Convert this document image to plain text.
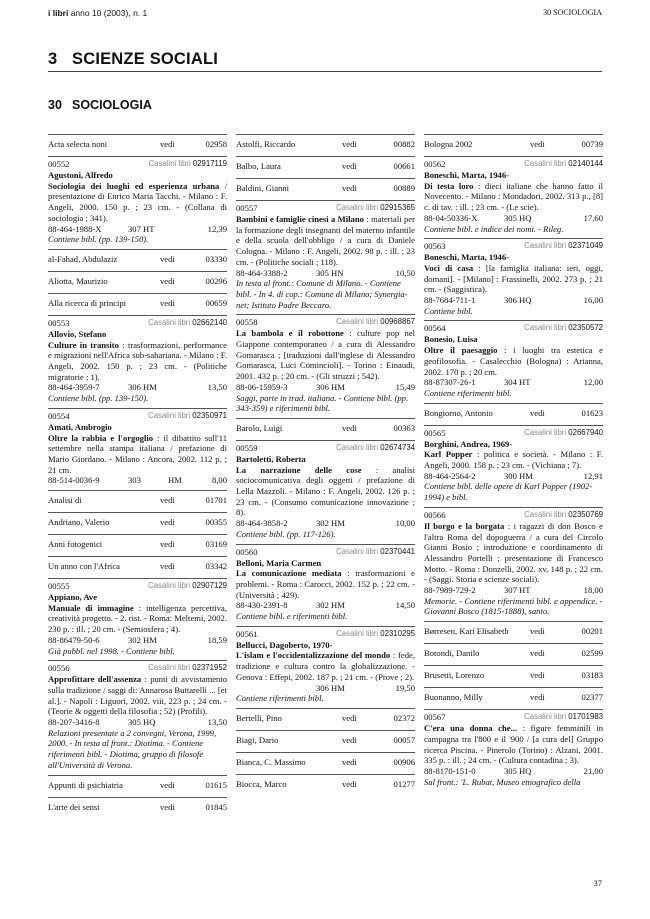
i libri anno 10 (2003), n. 1	30 SOCIOLOGIA
3 SCIENZE SOCIALI
30 SOCIOLOGIA
Acta selecta noni	vedi	02958
00552	Casalini libri 02917119
Agustoni, Alfredo
Sociologia dei luoghi ed esperienza urbana / presentazione di Enrico Maria Tacchi. - Milano : F. Angeli, 2000. 150 p. ; 23 cm. - (Collana di sociologia ; 341).
88-464-1988-X	307 HT	12,39
Contiene bibl. (pp. 139-150).
al-Fahad, Abdulaziz	vedi	03330
Aliotta, Maurizio	vedi	00296
Alla ricerca di principi	vedi	00659
00553	Casalini libri 02662140
Allovio, Stefano
Culture in transito : trasformazioni, performance e migrazioni nell'Africa sub-sahariana. - Milano : F. Angeli, 2002. 150 p. ; 23 cm. - (Politiche migratorie ; 1).
88-464-3959-7	306 HM	13,50
Contiene bibl. (pp. 139-150).
00554	Casalini libri 02350971
Amati, Ambrogio
Oltre la rabbia e l'orgoglio : il dibattito sull'11 settembre nella stampa italiana / prefazione di Mario Giordano. - Milano : Ancora, 2002. 112 p. ; 21 cm.
88-514-0036-9	303	HM	8,00
Analisi di	vedi	01701
Andriano, Valerio	vedi	00355
Anni fotogenici	vedi	03169
Un anno con l'Africa	vedi	03342
00555	Casalini libri 02907129
Appiano, Ave
Manuale di immagine : intelligenza percettiva, creatività progetto. - 2. rist. - Roma: Meltemi, 2002. 230 p. : ill. ; 20 cm. - (Semiosfera ; 4).
88-86479-50-6	302 HM	18,59
Già pubbl. nel 1998. - Contiene bibl.
00556	Casalini libri 02371952
Approfittare dell'assenza : punti di avvistamento sulla tradizione / saggi di: Annarosa Buttarelli ... [et al.]. - Napoli : Liguori, 2002. viii, 223 p. ; 24 cm. - (Teorie & oggetti della filosofia ; 52) (Profili).
88-207-3416-8	305 HQ	13,50
Relazioni presentate a 2 convegni, Verona, 1999, 2000. - In testa al front.: Diotima. - Contiene riferimenti bibl. - Diotima, gruppo di filosofe all'Università di Verona.
Appunti di psichiatria	vedi	01615
L'arte dei sensi	vedi	01845
Astolfi, Riccardo	vedi	00882
Balbo, Laura	vedi	00661
Baldini, Gianni	vedi	00889
00557	Casalini libri 02915365
Bambini e famiglie cinesi a Milano : materiali per la formazione degli insegnanti del materno infantile e della scuola dell'obbligo / a cura di Daniele Cologna. - Milano : F. Angeli, 2002. 98 p. : ill. ; 23 cm. - (Politiche sociali ; 118).
88-464-3388-2	305 HN	10,50
In testa al front.: Comune di Milano. - Contiene bibl. - In 4. di cop.: Comune di Milano; Synergia-net; Istituto Padre Beccaro.
00558	Casalini libri 00968867
La bambola e il robottone : culture pop nel Giappone contemporaneo / a cura di Alessandro Gomarasca ; [traduzioni dall'inglese di Alessandro Gomarasca, Luci Comincioli]. - Torino : Einaudi, 2001. 432 p. ; 20 cm. - (Gli struzzi ; 542).
88-06-15959-3	306 HM	15,49
Saggi, parte in trad. italiana. - Contiene bibl. (pp. 343-359) e riferimenti bibl.
Barolo, Luigi	vedi	00363
00559	Casalini libri 02674734
Bartoletti, Roberta
La narrazione delle cose : analisi sociocomunicativa degli oggetti / prefazione di Lella Mazzoli. - Milano : F. Angeli, 2002. 126 p. ; 23 cm. - (Consumo comunicazione innovazione ; 8).
88-464-3858-2	302 HM	10,00
Contiene bibl. (pp. 117-126).
00560	Casalini libri 02370441
Belloni, Maria Carmen
La comunicazione mediata : trasformazioni e problemi. - Roma : Carocci, 2002. 152 p. ; 22 cm. - (Università ; 429).
88-430-2391-8	302 HM	14,50
Contiene bibl. e riferimenti bibl.
00561	Casalini libri 02310295
Bellucci, Dagoberto, 1970-
L'islam e l'occidentalizzazione del mondo : fede, tradizione e cultura contro la globalizzazione. - Genova : Effepi, 2002. 187 p. ; 21 cm. - (Prove ; 2).
306 HM	19,50
Contiene riferimenti bibl.
Bertelli, Pino	vedi	02372
Biagi, Dario	vedi	00057
Bianca, C. Massimo	vedi	00906
Biocca, Marco	vedi	01277
Bologna 2002	vedi	00739
00562	Casalini libri 02140144
Boneschi, Marta, 1946-
Di testa loro : dieci italiane che hanno fatto il Novecento. - Milano : Mondadori, 2002. 313 p., [8] c. di tav. : ill. ; 23 cm. - (Le scie).
88-04-50336-X	305 HQ	17,60
Contiene bibl. e indice dei nomi. - Rileg.
00563	Casalini libri 02371049
Boneschi, Marta, 1946-
Voci di casa : [la famiglia italiana: ieri, oggi, domani]. - [Milano] : Frassinelli, 2002. 273 p. ; 21 cm. - (Saggistica).
88-7684-711-1	306 HQ	16,00
Contiene bibl.
00564	Casalini libri 02350572
Bonesio, Luisa
Oltre il paesaggio : i luoghi tra estetica e geofilosofia. - Casalecchio (Bologna) : Arianna, 2002. 170 p. ; 20 cm.
88-87307-26-1	304 HT	12,00
Contiene riferimenti bibl.
Bongiorno, Antonio	vedi	01623
00565	Casalini libri 02667940
Borghini, Andrea, 1969-
Karl Popper : politica e società. - Milano : F. Angeli, 2000. 158 p. ; 23 cm. - (Vichiana ; 7).
88-464-2564-2	300 HM	12,91
Contiene bibl. delle opere di Karl Popper (1902-1994) e bibl.
00566	Casalini libri 02350769
Il borgo e la borgata : i ragazzi di don Bosco e l'altra Roma del dopoguerra / a cura del Circolo Gianni Bosio ; introduzione e coordinamento di Alessandro Portelli ; presentazione di Francesco Motto. - Roma : Donzelli, 2002. xv, 148 p. ; 22 cm. - (Saggi. Storia e scienze sociali).
88-7989-729-2	307 HT	18,00
Memorie. - Contiene riferimenti bibl. e appendice. - Giovanni Bosco (1815-1888), santo.
Børresen, Kari Elisabeth vedi	00201
Botondi, Danilo	vedi	02599
Brusetti, Lorenzo	vedi	03183
Buonanno, Milly	vedi	02377
00567	Casalini libri 01701983
C'era una donna che... : figure femminili in campagna tra l'800 e il '900 / [a cura del] Gruppo ricerca Piscina. - Pinerolo (Torino) : Alzani, 2001. 335 p. : ill. ; 24 cm. - (Cultura contadina ; 3).
88-8170-151-0	305 HQ	21,00
Sul front.: 'L. Rubat, Museo etnografico della
37
